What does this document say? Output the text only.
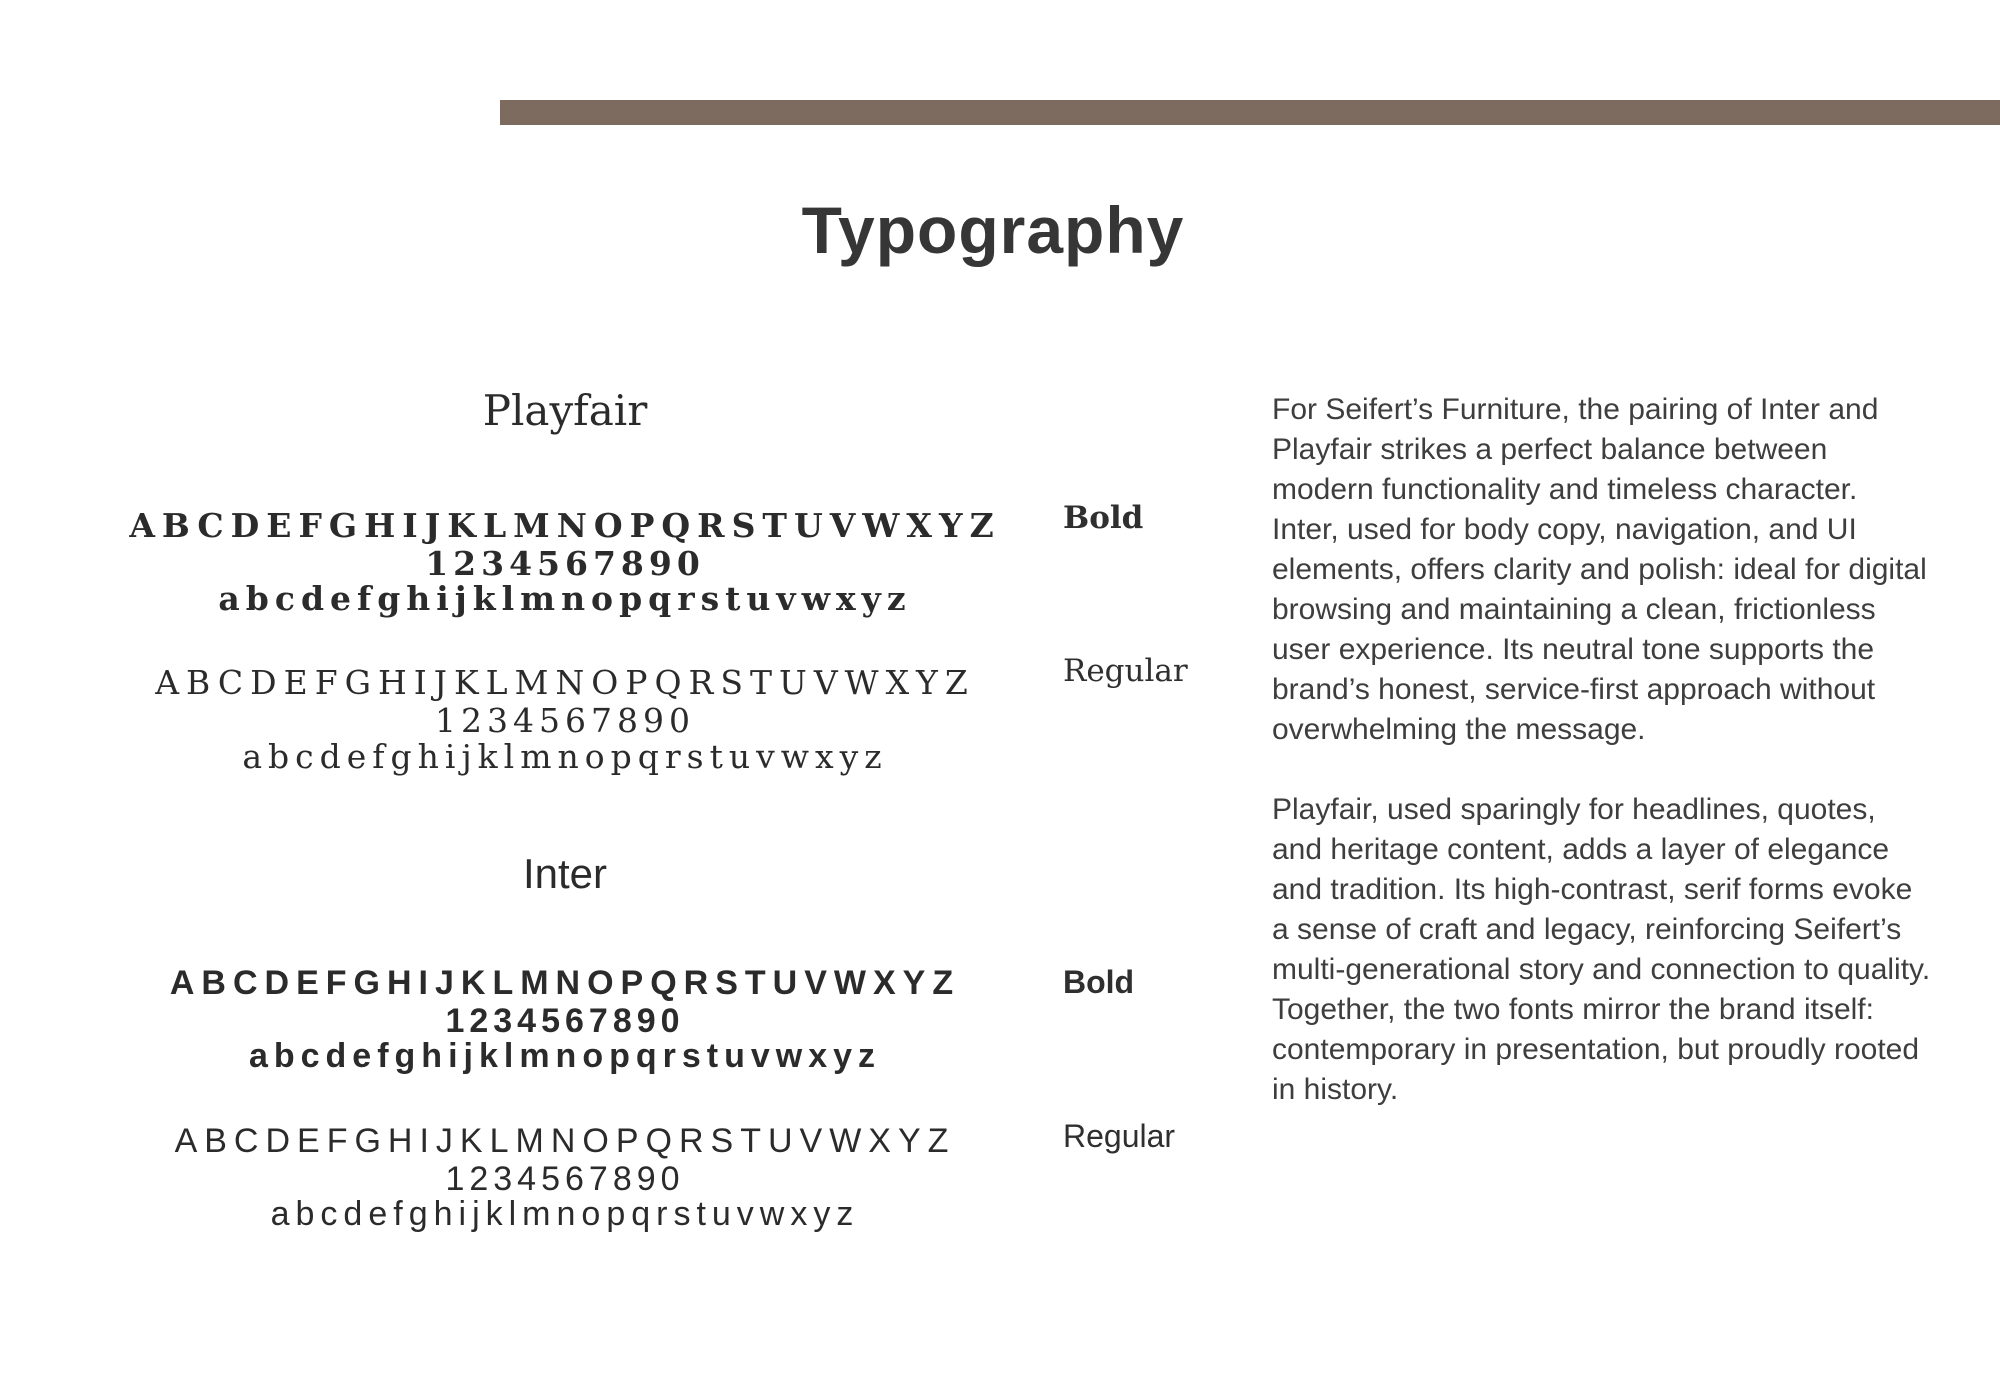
Typography
Playfair
ABCDEFGHIJKLMNOPQRSTUVWXYZ
1234567890
abcdefghijklmnopqrstuvwxyz
ABCDEFGHIJKLMNOPQRSTUVWXYZ
1234567890
abcdefghijklmnopqrstuvwxyz
Inter
ABCDEFGHIJKLMNOPQRSTUVWXYZ
1234567890
abcdefghijklmnopqrstuvwxyz
ABCDEFGHIJKLMNOPQRSTUVWXYZ
1234567890
abcdefghijklmnopqrstuvwxyz
Bold
Regular
Bold
Regular

For Seifert’s Furniture, the pairing of Inter and Playfair strikes a perfect balance between modern functionality and timeless character. Inter, used for body copy, navigation, and UI elements, offers clarity and polish: ideal for digital browsing and maintaining a clean, frictionless user experience. Its neutral tone supports the brand’s honest, service-first approach without overwhelming the message.

Playfair, used sparingly for headlines, quotes, and heritage content, adds a layer of elegance and tradition. Its high-contrast, serif forms evoke a sense of craft and legacy, reinforcing Seifert’s multi-generational story and connection to quality. Together, the two fonts mirror the brand itself: contemporary in presentation, but proudly rooted in history.
